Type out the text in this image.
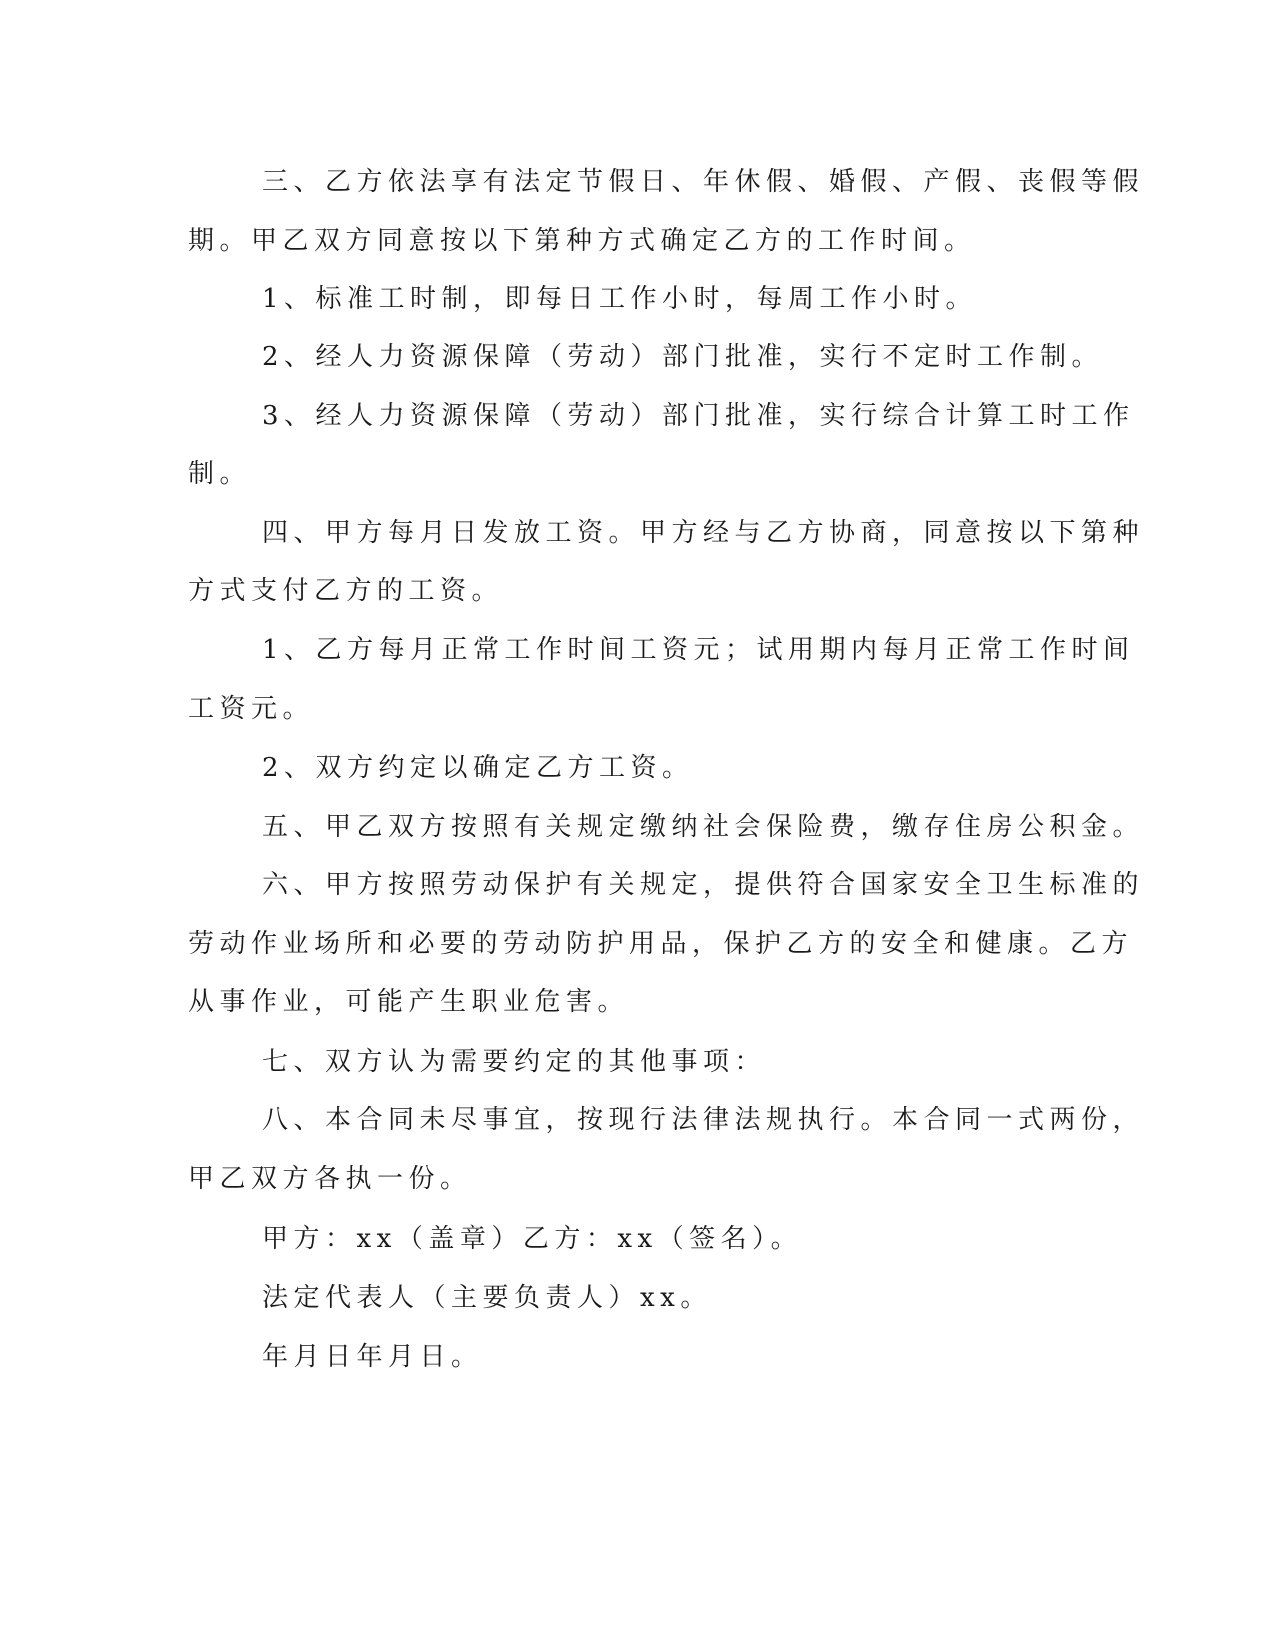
三、乙方依法享有法定节假日、年休假、婚假、产假、丧假等假

期。甲乙双方同意按以下第种方式确定乙方的工作时间。

1、标准工时制，即每日工作小时，每周工作小时。

2、经人力资源保障（劳动）部门批准，实行不定时工作制。

3、经人力资源保障（劳动）部门批准，实行综合计算工时工作

制。

四、甲方每月日发放工资。甲方经与乙方协商，同意按以下第种

方式支付乙方的工资。

1、乙方每月正常工作时间工资元；试用期内每月正常工作时间

工资元。

2、双方约定以确定乙方工资。

五、甲乙双方按照有关规定缴纳社会保险费，缴存住房公积金。

六、甲方按照劳动保护有关规定，提供符合国家安全卫生标准的

劳动作业场所和必要的劳动防护用品，保护乙方的安全和健康。乙方

从事作业，可能产生职业危害。

七、双方认为需要约定的其他事项：

八、本合同未尽事宜，按现行法律法规执行。本合同一式两份，

甲乙双方各执一份。

甲方：xx（盖章）乙方：xx（签名）。

法定代表人（主要负责人）xx。

年月日年月日。
